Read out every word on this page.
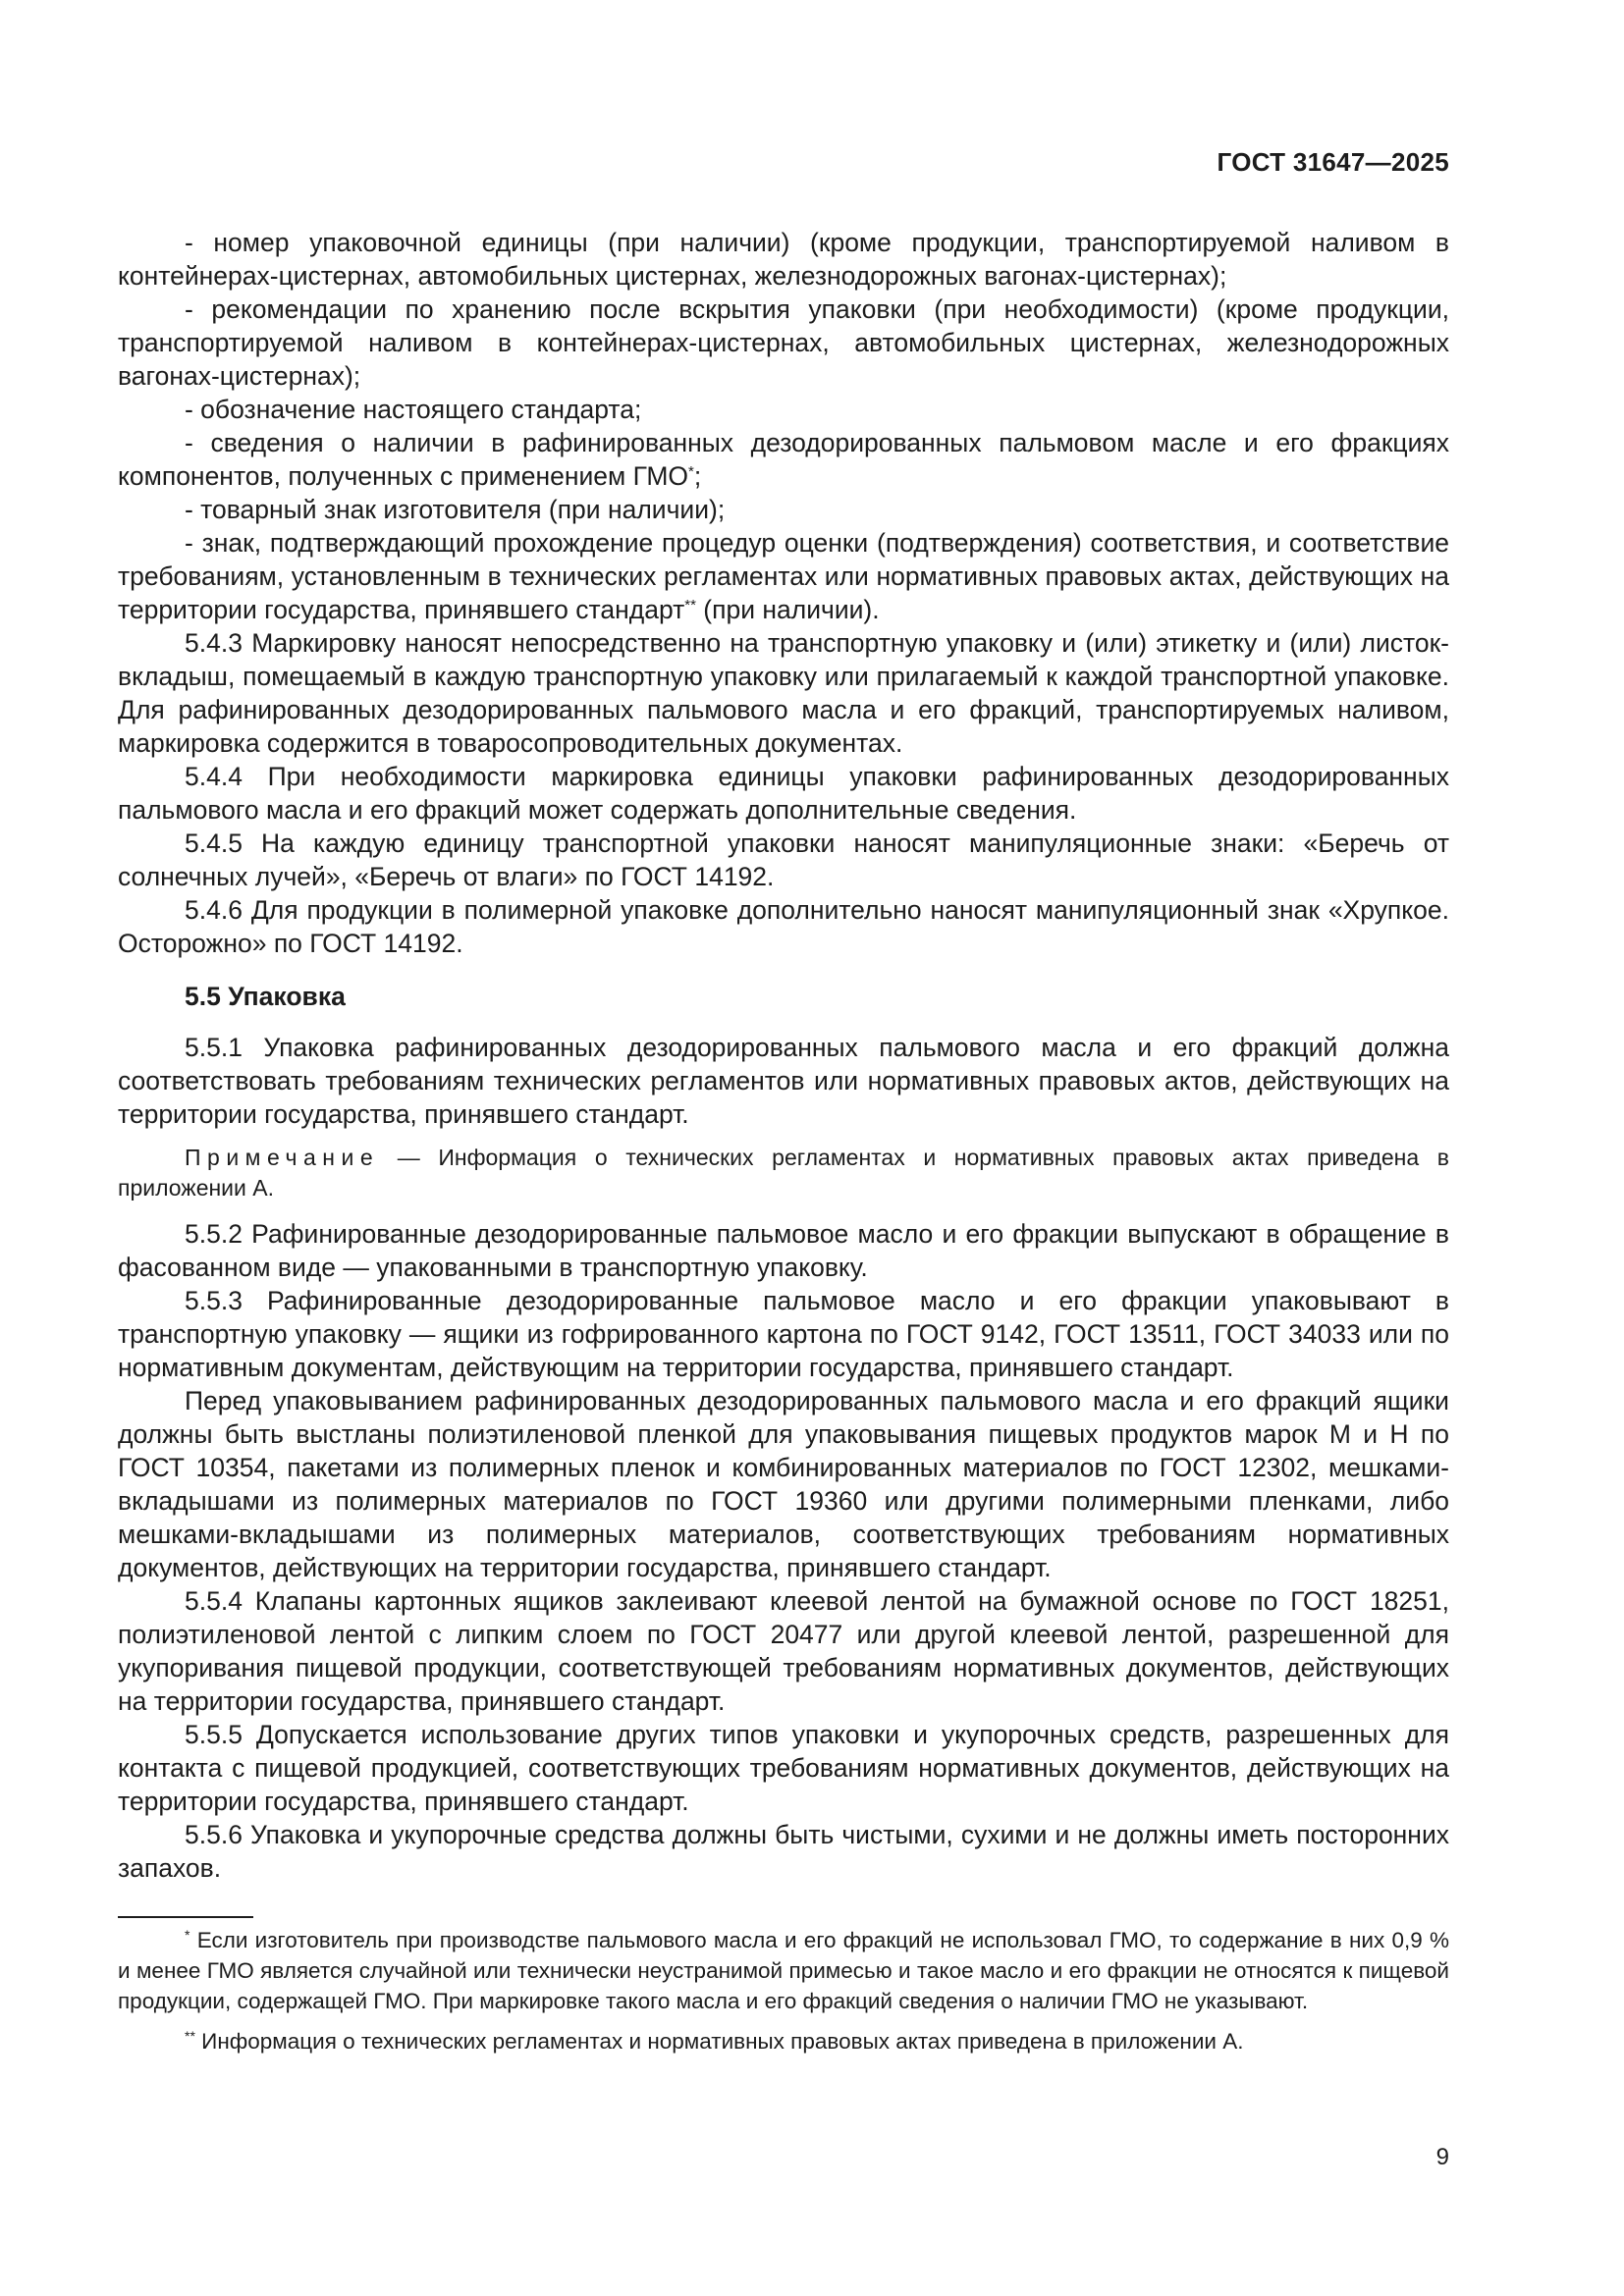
ГОСТ 31647—2025

- номер упаковочной единицы (при наличии) (кроме продукции, транспортируемой наливом в контейнерах-цистернах, автомобильных цистернах, железнодорожных вагонах-цистернах);

- рекомендации по хранению после вскрытия упаковки (при необходимости) (кроме продукции, транспортируемой наливом в контейнерах-цистернах, автомобильных цистернах, железнодорожных вагонах-цистернах);

- обозначение настоящего стандарта;

- сведения о наличии в рафинированных дезодорированных пальмовом масле и его фракциях компонентов, полученных с применением ГМО*;

- товарный знак изготовителя (при наличии);

- знак, подтверждающий прохождение процедур оценки (подтверждения) соответствия, и соответствие требованиям, установленным в технических регламентах или нормативных правовых актах, действующих на территории государства, принявшего стандарт** (при наличии).

5.4.3 Маркировку наносят непосредственно на транспортную упаковку и (или) этикетку и (или) листок-вкладыш, помещаемый в каждую транспортную упаковку или прилагаемый к каждой транспортной упаковке. Для рафинированных дезодорированных пальмового масла и его фракций, транспортируемых наливом, маркировка содержится в товаросопроводительных документах.

5.4.4 При необходимости маркировка единицы упаковки рафинированных дезодорированных пальмового масла и его фракций может содержать дополнительные сведения.

5.4.5 На каждую единицу транспортной упаковки наносят манипуляционные знаки: «Беречь от солнечных лучей», «Беречь от влаги» по ГОСТ 14192.

5.4.6 Для продукции в полимерной упаковке дополнительно наносят манипуляционный знак «Хрупкое. Осторожно» по ГОСТ 14192.

5.5 Упаковка

5.5.1 Упаковка рафинированных дезодорированных пальмового масла и его фракций должна соответствовать требованиям технических регламентов или нормативных правовых актов, действующих на территории государства, принявшего стандарт.

Примечание — Информация о технических регламентах и нормативных правовых актах приведена в приложении А.

5.5.2 Рафинированные дезодорированные пальмовое масло и его фракции выпускают в обращение в фасованном виде — упакованными в транспортную упаковку.

5.5.3 Рафинированные дезодорированные пальмовое масло и его фракции упаковывают в транспортную упаковку — ящики из гофрированного картона по ГОСТ 9142, ГОСТ 13511, ГОСТ 34033 или по нормативным документам, действующим на территории государства, принявшего стандарт.

Перед упаковыванием рафинированных дезодорированных пальмового масла и его фракций ящики должны быть выстланы полиэтиленовой пленкой для упаковывания пищевых продуктов марок М и Н по ГОСТ 10354, пакетами из полимерных пленок и комбинированных материалов по ГОСТ 12302, мешками-вкладышами из полимерных материалов по ГОСТ 19360 или другими полимерными пленками, либо мешками-вкладышами из полимерных материалов, соответствующих требованиям нормативных документов, действующих на территории государства, принявшего стандарт.

5.5.4 Клапаны картонных ящиков заклеивают клеевой лентой на бумажной основе по ГОСТ 18251, полиэтиленовой лентой с липким слоем по ГОСТ 20477 или другой клеевой лентой, разрешенной для укупоривания пищевой продукции, соответствующей требованиям нормативных документов, действующих на территории государства, принявшего стандарт.

5.5.5 Допускается использование других типов упаковки и укупорочных средств, разрешенных для контакта с пищевой продукцией, соответствующих требованиям нормативных документов, действующих на территории государства, принявшего стандарт.

5.5.6 Упаковка и укупорочные средства должны быть чистыми, сухими и не должны иметь посторонних запахов.

* Если изготовитель при производстве пальмового масла и его фракций не использовал ГМО, то содержание в них 0,9 % и менее ГМО является случайной или технически неустранимой примесью и такое масло и его фракции не относятся к пищевой продукции, содержащей ГМО. При маркировке такого масла и его фракций сведения о наличии ГМО не указывают.

** Информация о технических регламентах и нормативных правовых актах приведена в приложении А.

9
